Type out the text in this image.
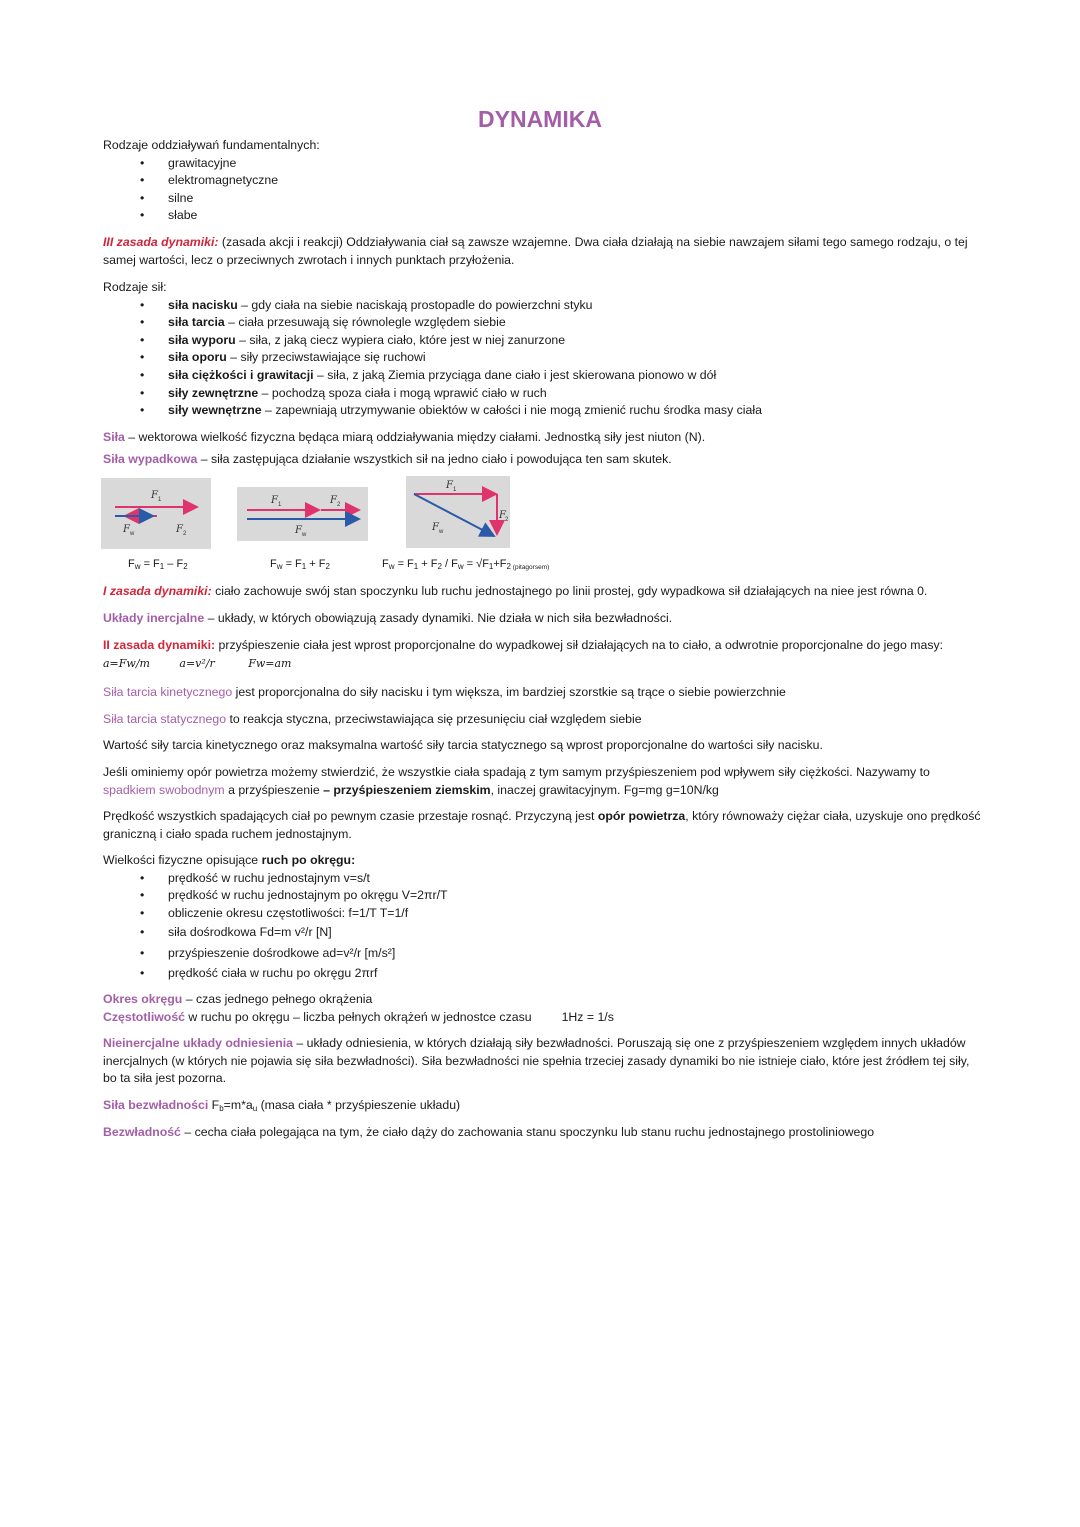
DYNAMIKA

Rodzaje oddziaływań fundamentalnych:

• grawitacyjne
• elektromagnetyczne
• silne
• słabe

III zasada dynamiki: (zasada akcji i reakcji) Oddziaływania ciał są zawsze wzajemne. Dwa ciała działają na siebie nawzajem siłami tego samego rodzaju, o tej samej wartości, lecz o przeciwnych zwrotach i innych punktach przyłożenia.

Rodzaje sił:

• siła nacisku – gdy ciała na siebie naciskają prostopadle do powierzchni styku
• siła tarcia – ciała przesuwają się równolegle względem siebie
• siła wyporu – siła, z jaką ciecz wypiera ciało, które jest w niej zanurzone
• siła oporu – siły przeciwstawiające się ruchowi
• siła ciężkości i grawitacji – siła, z jaką Ziemia przyciąga dane ciało i jest skierowana pionowo w dół
• siły zewnętrzne – pochodzą spoza ciała i mogą wprawić ciało w ruch
• siły wewnętrzne – zapewniają utrzymywanie obiektów w całości i nie mogą zmienić ruchu środka masy ciała

Siła – wektorowa wielkość fizyczna będąca miarą oddziaływania między ciałami. Jednostką siły jest niuton (N).

Siła wypadkowa – siła zastępująca działanie wszystkich sił na jedno ciało i powodująca ten sam skutek.

F 1
F w	F 2
F 1	F 2
F w
F 1
F 2
F w
$F_w = F_1 - F_2$	$F_w = F_1 + F_2$	$F_w = F_1 + F_2 / F_w = √F_1+F_2$ (pitagorsem)

I zasada dynamiki: ciało zachowuje swój stan spoczynku lub ruchu jednostajnego po linii prostej, gdy wypadkowa sił działających na niee jest równa 0.

Układy inercjalne – układy, w których obowiązują zasady dynamiki. Nie działa w nich siła bezwładności.

II zasada dynamiki: przyśpieszenie ciała jest wprost proporcjonalne do wypadkowej sił działających na to ciało, a odwrotnie proporcjonalne do jego masy: a=Fw/m	a=v²/r	Fw=am

Siła tarcia kinetycznego jest proporcjonalna do siły nacisku i tym większa, im bardziej szorstkie są trące o siebie powierzchnie

Siła tarcia statycznego to reakcja styczna, przeciwstawiająca się przesunięciu ciał względem siebie

Wartość siły tarcia kinetycznego oraz maksymalna wartość siły tarcia statycznego są wprost proporcjonalne do wartości siły nacisku.

Jeśli ominiemy opór powietrza możemy stwierdzić, że wszystkie ciała spadają z tym samym przyśpieszeniem pod wpływem siły ciężkości. Nazywamy to spadkiem swobodnym a przyśpieszenie – przyśpieszeniem ziemskim, inaczej grawitacyjnym. Fg=mg g=10N/kg

Prędkość wszystkich spadających ciał po pewnym czasie przestaje rosnąć. Przyczyną jest opór powietrza, który równoważy ciężar ciała, uzyskuje ono prędkość graniczną i ciało spada ruchem jednostajnym.

Wielkości fizyczne opisujące ruch po okręgu:

• prędkość w ruchu jednostajnym v=s/t
• prędkość w ruchu jednostajnym po okręgu V=2πr/T
• obliczenie okresu częstotliwości: f=1/T T=1/f
• siła dośrodkowa Fd=m v²/r [N]
• przyśpieszenie dośrodkowe ad=v²/r [m/s²]
• prędkość ciała w ruchu po okręgu 2πrf

Okres okręgu – czas jednego pełnego okrążenia

Częstotliwość w ruchu po okręgu – liczba pełnych okrążeń w jednostce czasu 1Hz = 1/s

Nieinercjalne układy odniesienia – układy odniesienia, w których działają siły bezwładności. Poruszają się one z przyśpieszeniem względem innych układów inercjalnych (w których nie pojawia się siła bezwładności). Siła bezwładności nie spełnia trzeciej zasady dynamiki bo nie istnieje ciało, które jest źródłem tej siły, bo ta siła jest pozorna.

Siła bezwładności $F_b=m*a_u$ (masa ciała * przyśpieszenie układu)

Bezwładność – cecha ciała polegająca na tym, że ciało dąży do zachowania stanu spoczynku lub stanu ruchu jednostajnego prostoliniowego
